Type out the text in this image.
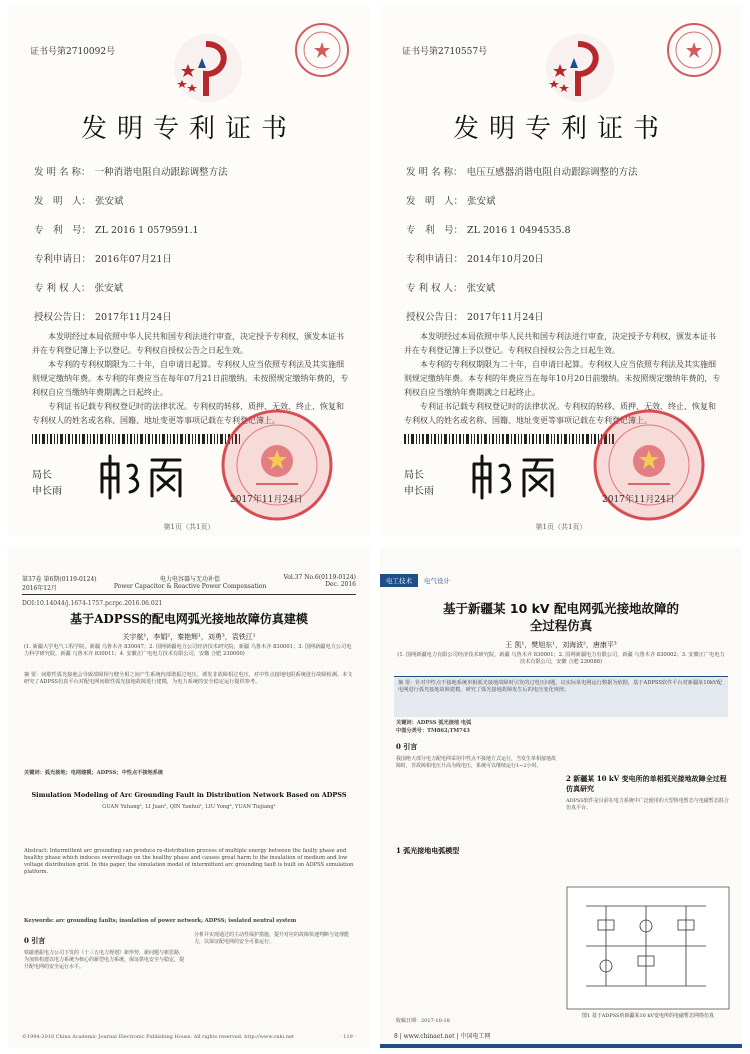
证书号第2710092号
发明专利证书
发 明 名 称： 一种消谐电阻自动跟踪调整方法
发　明　人： 张安斌
专　利　号： ZL 2016 1 0579591.1
专利申请日： 2016年07月21日
专 利 权 人： 张安斌
授权公告日： 2017年11月24日
本发明经过本局依照中华人民共和国专利法进行审查，决定授予专利权，颁发本证书并在专利登记簿上予以登记。专利权自授权公告之日起生效。
本专利的专利权期限为二十年，自申请日起算。专利权人应当依照专利法及其实施细则规定缴纳年费。本专利的年费应当在每年07月21日前缴纳。未按照规定缴纳年费的，专利权自应当缴纳年费期满之日起终止。
专利证书记载专利权登记时的法律状况。专利权的转移、质押、无效、终止、恢复和专利权人的姓名或名称、国籍、地址变更等事项记载在专利登记簿上。
局长
申长雨
2017年11月24日
第1页（共1页）
证书号第2710557号
发明专利证书
发 明 名 称： 电压互感器消谐电阻自动跟踪调整的方法
发　明　人： 张安斌
专　利　号： ZL 2016 1 0494535.8
专利申请日： 2014年10月20日
专 利 权 人： 张安斌
授权公告日： 2017年11月24日
本发明经过本局依照中华人民共和国专利法进行审查，决定授予专利权，颁发本证书并在专利登记簿上予以登记。专利权自授权公告之日起生效。
本专利的专利权期限为二十年，自申请日起算。专利权人应当依照专利法及其实施细则规定缴纳年费。本专利的年费应当在每年10月20日前缴纳。未按照规定缴纳年费的，专利权自应当缴纳年费期满之日起终止。
专利证书记载专利权登记时的法律状况。专利权的转移、质押、无效、终止、恢复和专利权人的姓名或名称、国籍、地址变更等事项记载在专利登记簿上。
局长
申长雨
2017年11月24日
第1页（共1页）
第37卷 第6期(0119-0124)
2016年12月
电力电容器与无功补偿
Power Capacitor & Reactive Power Compensation
Vol.37 No.6(0119-0124)
Dec. 2016
DOI:10.14044/j.1674-1757.pcrpc.2016.06.021
基于ADPSS的配电网弧光接地故障仿真建模
关宇航¹，李娟²，秦艳辉¹，刘勇³，袁铁江¹
(1. 新疆大学电气工程学院，新疆 乌鲁木齐 830047；2. 国网新疆电力公司经济技术研究院，新疆 乌鲁木齐 830001；3. 国网新疆电力公司电力科学研究院，新疆 乌鲁木齐 830011；4. 安徽正广电电力技术有限公司，安徽 合肥 230000)
摘 要：间歇性弧光接地会导致故障相与健全相之间产生系统内部谐振过电压，诱发非故障相过电压，对中性点接地电阻系统进行故障检测。本文研究了ADPSS仿真平台对配电网间歇性弧光接地故障进行建模，为电力系统的安全稳定运行提供参考。
关键词：弧光接地；电网建模；ADPSS；中性点不接地系统
Simulation Modeling of Arc Grounding Fault in Distribution Network Based on ADPSS
GUAN Yuhang¹, LI Juan², QIN Yanhui¹, LIU Yong³, YUAN Tiejiang¹
Abstract: Intermittent arc grounding can produce re-distribution process of multiple energy between the faulty phase and healthy phase which induces overvoltage on the healthy phase and causes great harm to the insulation of medium and low voltage distribution grid. In this paper, the simulation model of intermittent arc grounding fault is built on ADPSS simulation platform.
Keywords: arc grounding faults; insulation of power network; ADPSS; isolated neutral system
0 引言
铁磁谐振电力公司下发的《十三五电力规划》新形势，新问题与新思路，为加快构建以电力系统为核心的新型电力系统，保证供电安全与稳定，提升配电网的安全运行水平。
分析并实现通过的主动性保护措施，提升对应的故障快速判断与处理能力，以保证配电网的安全可靠运行。
©1994-2018 China Academic Journal Electronic Publishing House. All rights reserved. http://www.cnki.net	· 119 ·
电工技术	电气设计
基于新疆某 10 kV 配电网弧光接地故障的
全过程仿真
王 凯¹，樊旭东¹，刘海波²，唐康平³
(1. 国网新疆电力有限公司经济技术研究院，新疆 乌鲁木齐 830001；2. 国网新疆电力有限公司，新疆 乌鲁木齐 830002；3. 安徽正广电电力技术有限公司，安徽 合肥 230088)
摘 要：针对中性点不接地系统单相弧光接地故障时引发的过电压问题，以实际某电网运行数据为依据，基于ADPSS软件平台对新疆某10kV配电网进行弧光接地故障建模，研究了弧光接地故障发生后的电压变化规律。
关键词：ADPSS 弧光接地 电弧
中图分类号：TM862;TM743
0 引言
我国绝大部分电力配电网采用中性点不接地方式运行，当发生单相接地故障时，非故障相电压升高为线电压，系统可以继续运行1~2小时。
1 弧光接地电弧模型
2 新疆某 10 kV 变电所的单相弧光接地故障全过程仿真研究
ADPSS软件是目前在电力系统中广泛使用的大型机电暂态与电磁暂态混合仿真平台。
图1 基于ADPSS的新疆某10 kV变电所的电磁暂态网络仿真
收稿日期：2017-10-18
8 | www.chinaet.net | 中国电工网
